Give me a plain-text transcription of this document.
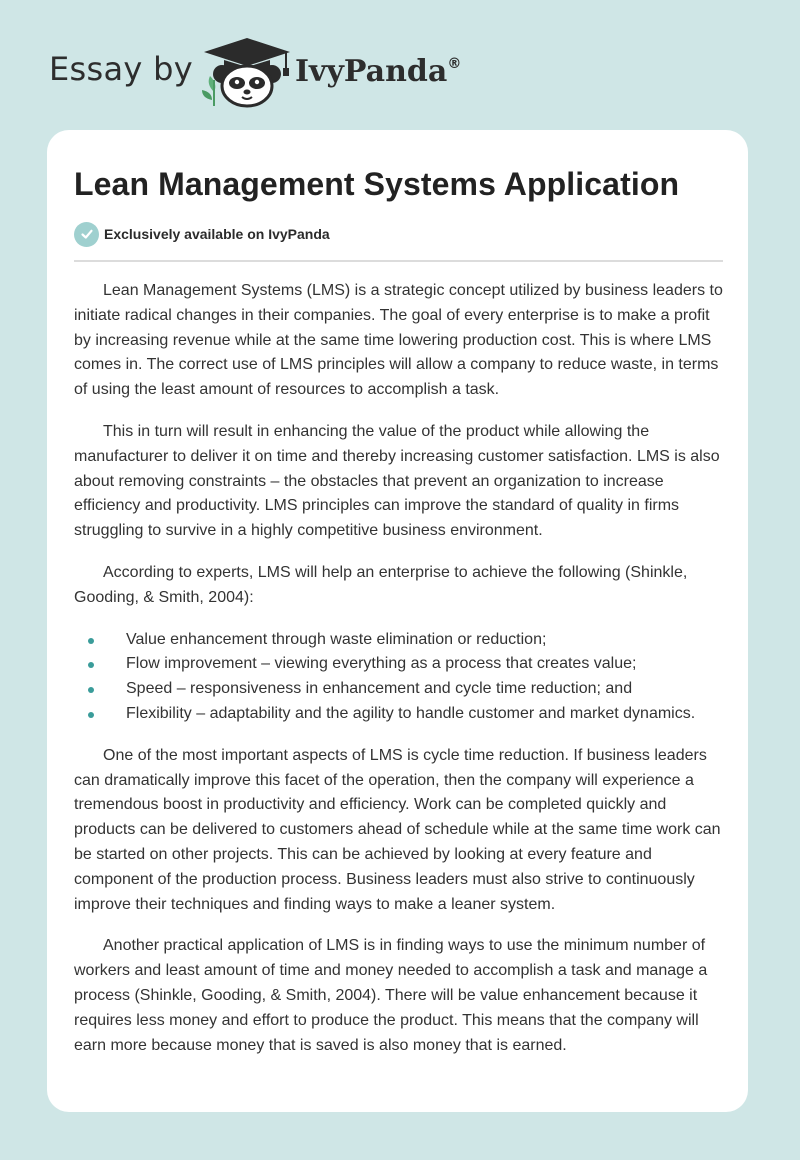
Essay by	IvyPanda®
Lean Management Systems Application
Exclusively available on IvyPanda

Lean Management Systems (LMS) is a strategic concept utilized by business leaders to initiate radical changes in their companies. The goal of every enterprise is to make a profit by increasing revenue while at the same time lowering production cost. This is where LMS comes in. The correct use of LMS principles will allow a company to reduce waste, in terms of using the least amount of resources to accomplish a task.

This in turn will result in enhancing the value of the product while allowing the manufacturer to deliver it on time and thereby increasing customer satisfaction. LMS is also about removing constraints – the obstacles that prevent an organization to increase efficiency and productivity. LMS principles can improve the standard of quality in firms struggling to survive in a highly competitive business environment.

According to experts, LMS will help an enterprise to achieve the following (Shinkle, Gooding, & Smith, 2004):

Value enhancement through waste elimination or reduction;
Flow improvement – viewing everything as a process that creates value;
Speed – responsiveness in enhancement and cycle time reduction; and
Flexibility – adaptability and the agility to handle customer and market dynamics.

One of the most important aspects of LMS is cycle time reduction. If business leaders can dramatically improve this facet of the operation, then the company will experience a tremendous boost in productivity and efficiency. Work can be completed quickly and products can be delivered to customers ahead of schedule while at the same time work can be started on other projects. This can be achieved by looking at every feature and component of the production process. Business leaders must also strive to continuously improve their techniques and finding ways to make a leaner system.

Another practical application of LMS is in finding ways to use the minimum number of workers and least amount of time and money needed to accomplish a task and manage a process (Shinkle, Gooding, & Smith, 2004). There will be value enhancement because it requires less money and effort to produce the product. This means that the company will earn more because money that is saved is also money that is earned.
